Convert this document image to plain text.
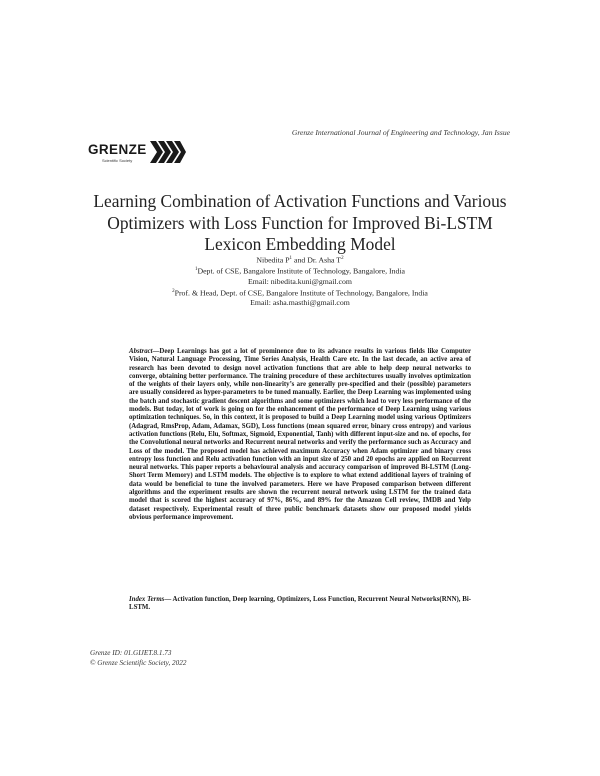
Grenze International Journal of Engineering and Technology, Jan Issue
GRENZE
Scientific Society
Learning Combination of Activation Functions and Various Optimizers with Loss Function for Improved Bi-LSTM Lexicon Embedding Model
Nibedita $P^1$ and Dr. Asha $T^2$
$^1$Dept. of CSE, Bangalore Institute of Technology, Bangalore, India
Email: nibedita.kuni@gmail.com
$^2$Prof. & Head, Dept. of CSE, Bangalore Institute of Technology, Bangalore, India
Email: asha.masthi@gmail.com
Abstract—Deep Learnings has got a lot of prominence due to its advance results in various fields like Computer Vision, Natural Language Processing, Time Series Analysis, Health Care etc. In the last decade, an active area of research has been devoted to design novel activation functions that are able to help deep neural networks to converge, obtaining better performance. The training procedure of these architectures usually involves optimization of the weights of their layers only, while non-linearity’s are generally pre-specified and their (possible) parameters are usually considered as hyper-parameters to be tuned manually. Earlier, the Deep Learning was implemented using the batch and stochastic gradient descent algorithms and some optimizers which lead to very less performance of the models. But today, lot of work is going on for the enhancement of the performance of Deep Learning using various optimization techniques. So, in this context, it is proposed to build a Deep Learning model using various Optimizers (Adagrad, RmsProp, Adam, Adamax, SGD), Loss functions (mean squared error, binary cross entropy) and various activation functions (Relu, Elu, Softmax, Sigmoid, Exponential, Tanh) with different input-size and no. of epochs, for the Convolutional neural networks and Recurrent neural networks and verify the performance such as Accuracy and Loss of the model. The proposed model has achieved maximum Accuracy when Adam optimizer and binary cross entropy loss function and Relu activation function with an input size of 250 and 20 epochs are applied on Recurrent neural networks. This paper reports a behavioural analysis and accuracy comparison of improved Bi-LSTM (Long-Short Term Memory) and LSTM models. The objective is to explore to what extend additional layers of training of data would be beneficial to tune the involved parameters. Here we have Proposed comparison between different algorithms and the experiment results are shown the recurrent neural network using LSTM for the trained data model that is scored the highest accuracy of 97%, 86%, and 89% for the Amazon Cell review, IMDB and Yelp dataset respectively. Experimental result of three public benchmark datasets show our proposed model yields obvious performance improvement.
Index Terms— Activation function, Deep learning, Optimizers, Loss Function, Recurrent Neural Networks(RNN), Bi-LSTM.
Grenze ID: 01.GIJET.8.1.73
© Grenze Scientific Society, 2022
